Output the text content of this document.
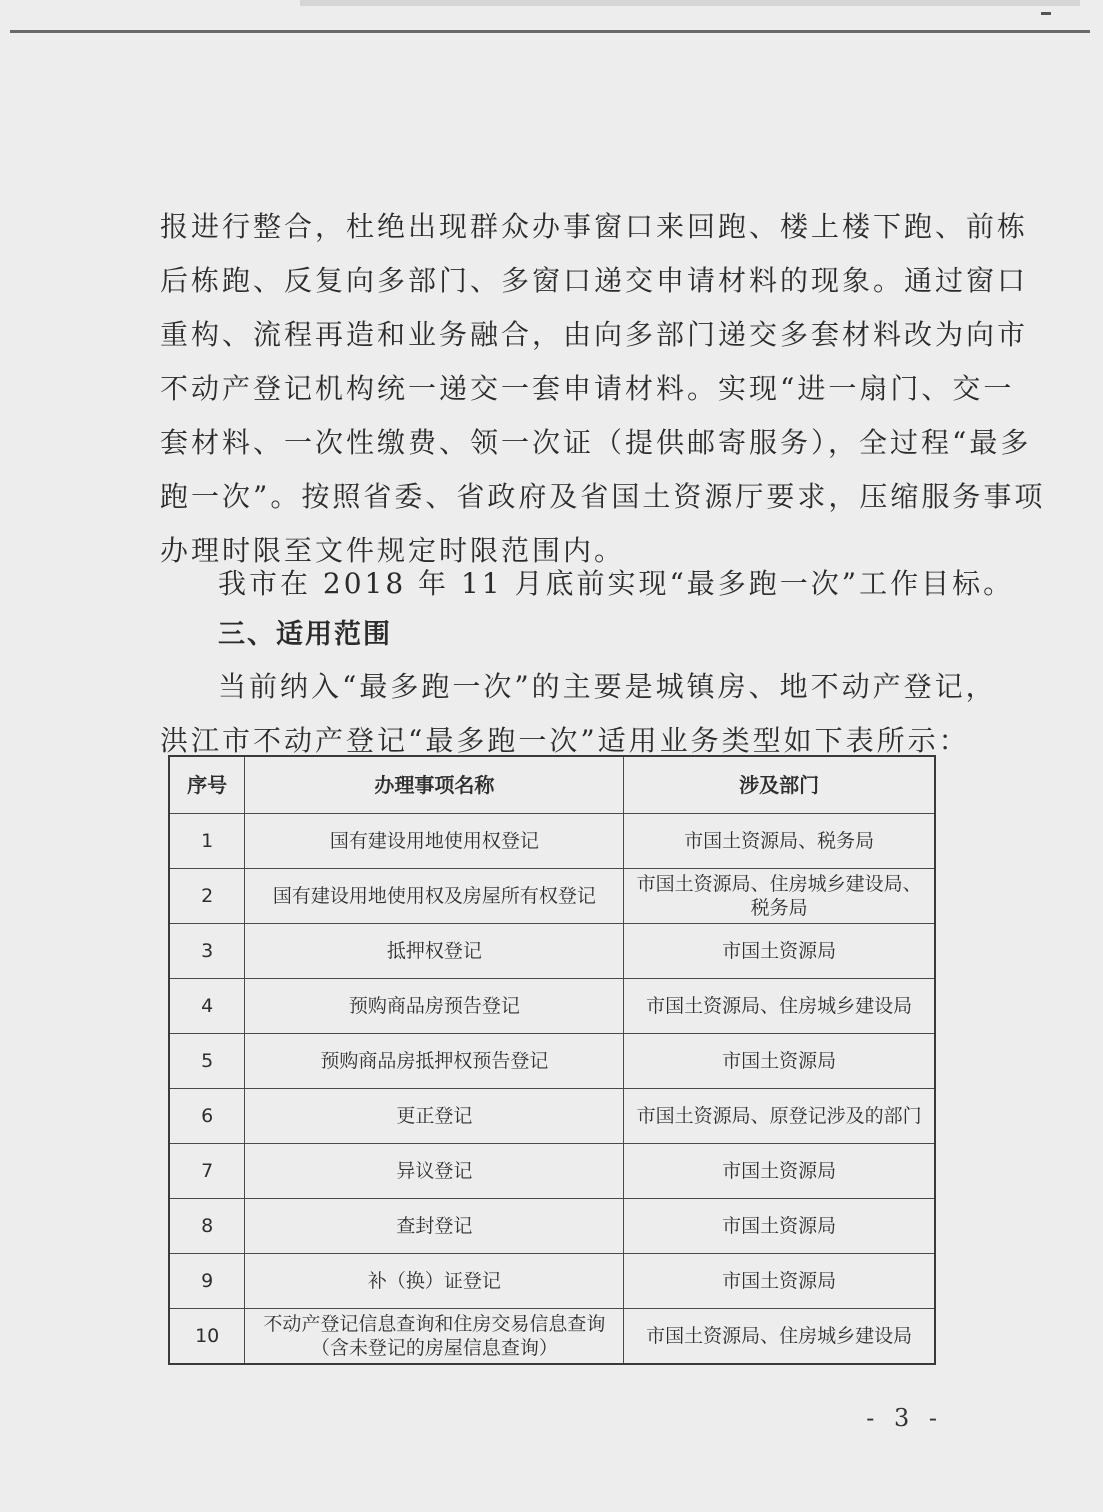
报进行整合，杜绝出现群众办事窗口来回跑、楼上楼下跑、前栋
后栋跑、反复向多部门、多窗口递交申请材料的现象。通过窗口
重构、流程再造和业务融合，由向多部门递交多套材料改为向市
不动产登记机构统一递交一套申请材料。实现“进一扇门、交一
套材料、一次性缴费、领一次证（提供邮寄服务），全过程“最多
跑一次”。按照省委、省政府及省国土资源厅要求，压缩服务事项
办理时限至文件规定时限范围内。
我市在 2018 年 11 月底前实现“最多跑一次”工作目标。
三、适用范围
当前纳入“最多跑一次”的主要是城镇房、地不动产登记，
洪江市不动产登记“最多跑一次”适用业务类型如下表所示：
序号	办理事项名称	涉及部门
1	国有建设用地使用权登记	市国土资源局、税务局
2	国有建设用地使用权及房屋所有权登记	市国土资源局、住房城乡建设局、税务局
3	抵押权登记	市国土资源局
4	预购商品房预告登记	市国土资源局、住房城乡建设局
5	预购商品房抵押权预告登记	市国土资源局
6	更正登记	市国土资源局、原登记涉及的部门
7	异议登记	市国土资源局
8	查封登记	市国土资源局
9	补（换）证登记	市国土资源局
10	不动产登记信息查询和住房交易信息查询（含未登记的房屋信息查询）	市国土资源局、住房城乡建设局
- 3 -
